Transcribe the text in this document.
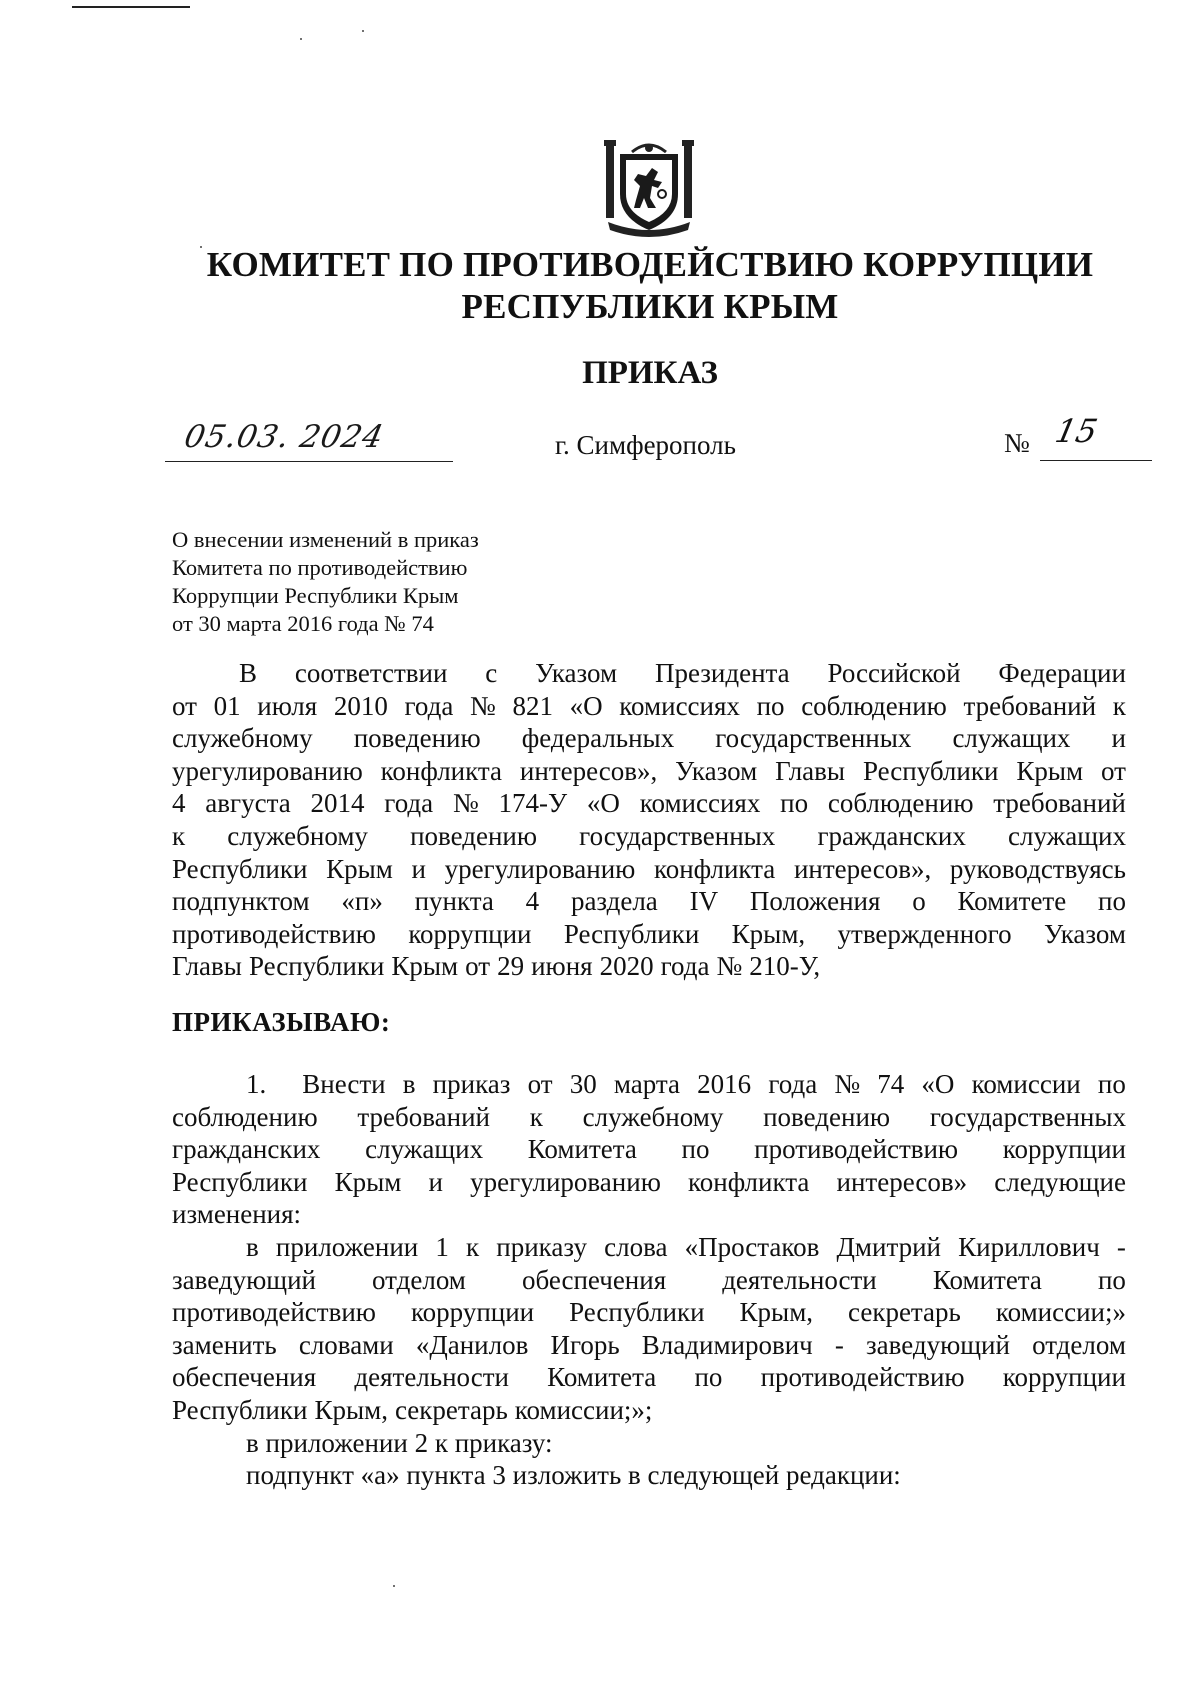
КОМИТЕТ ПО ПРОТИВОДЕЙСТВИЮ КОРРУПЦИИ
РЕСПУБЛИКИ КРЫМ
ПРИКАЗ
05.03. 2024	г. Симферополь	№ 15
О внесении изменений в приказ
Комитета по противодействию
Коррупции Республики Крым
от 30 марта 2016 года № 74
В соответствии с Указом Президента Российской Федерации
от 01 июля 2010 года № 821 «О комиссиях по соблюдению требований к
служебному поведению федеральных государственных служащих и
урегулированию конфликта интересов», Указом Главы Республики Крым от
4 августа 2014 года № 174-У «О комиссиях по соблюдению требований
к служебному поведению государственных гражданских служащих
Республики Крым и урегулированию конфликта интересов», руководствуясь
подпунктом «п» пункта 4 раздела IV Положения о Комитете по
противодействию коррупции Республики Крым, утвержденного Указом
Главы Республики Крым от 29 июня 2020 года № 210-У,
ПРИКАЗЫВАЮ:
1. Внести в приказ от 30 марта 2016 года № 74 «О комиссии по
соблюдению требований к служебному поведению государственных
гражданских служащих Комитета по противодействию коррупции
Республики Крым и урегулированию конфликта интересов» следующие
изменения:
в приложении 1 к приказу слова «Простаков Дмитрий Кириллович -
заведующий отделом обеспечения деятельности Комитета по
противодействию коррупции Республики Крым, секретарь комиссии;»
заменить словами «Данилов Игорь Владимирович - заведующий отделом
обеспечения деятельности Комитета по противодействию коррупции
Республики Крым, секретарь комиссии;»;
в приложении 2 к приказу:
подпункт «а» пункта 3 изложить в следующей редакции:
